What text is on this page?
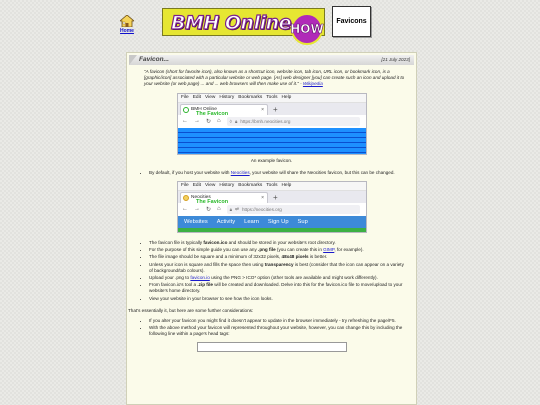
Home BMH Online HOW
Favicons
Favicon...	[21 July 2023]

"A favicon (short for favorite icon), also known as a shortcut icon, website icon, tab icon, URL icon, or bookmark icon, is a [graphic/icon] associated with a particular website or web page. [As] web designer [you] can create such an icon and upload it to your website (or web page) ... and ... web browsers will then make use of it." - Wikipedia

File Edit View History Bookmarks Tools Help
BMH Online	× +
The Favicon
← → ↻ ⌂ ◊ 🔒︎ https://bmh.neocities.org

An example favicon.

• By default, if you host your website with Neocities, your website will share the Neocities favicon, but this can be changed.
File Edit View History Bookmarks Tools Help
Neocities	× +
The Favicon
← → ↻ ⌂ 🔒︎ ⇄ https://neocities.org
Websites Activity Learn Sign Up Sup
• The favicon file is typically favicon.ico and should be stored in your website's root directory.
• For the purpose of this simple guide you can use any .png file (you can create this in GIMP, for example).
• The file image should be square and a minimum of 32x32 pixels, 48x48 pixels is better.
• Unless your icon is square and fills the space then using transparency is best (consider that the icon can appear on a variety of background/tab colours).
• Upload your .png to favicon.io using the PNG > ICO* option (other tools are available and might work differently).
• From favicon.io's tool a .zip file will be created and downloaded. Delve into this for the favicon.ico file to move/upload to your website's home directory.
• View your website in your browser to see how the icon looks.

That's essentially it, but here are some further considerations:

• If you alter your favicon you might find it doesn't appear to update in the browser immediately - try refreshing the page/F5.
• With the above method your favicon will represented throughout your website, however, you can change this by including the following line within a page's head tags:
